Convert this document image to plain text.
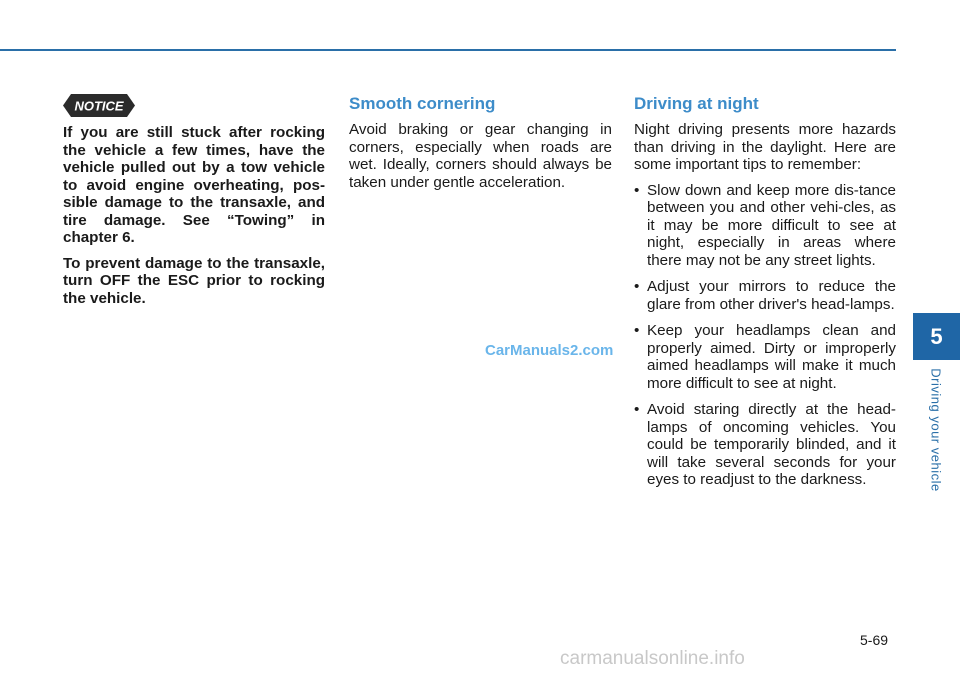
NOTICE

If you are still stuck after rocking the vehicle a few times, have the vehicle pulled out by a tow vehicle to avoid engine overheating, pos-sible damage to the transaxle, and tire damage. See “Towing” in chapter 6.

To prevent damage to the transaxle, turn OFF the ESC prior to rocking the vehicle.

Smooth cornering

Avoid braking or gear changing in corners, especially when roads are wet. Ideally, corners should always be taken under gentle acceleration.

Driving at night

Night driving presents more hazards than driving in the daylight. Here are some important tips to remember:

• Slow down and keep more dis-tance between you and other vehi-cles, as it may be more difficult to see at night, especially in areas where there may not be any street lights.
• Adjust your mirrors to reduce the glare from other driver's head-lamps.
• Keep your headlamps clean and properly aimed. Dirty or improperly aimed headlamps will make it much more difficult to see at night.
• Avoid staring directly at the head-lamps of oncoming vehicles. You could be temporarily blinded, and it will take several seconds for your eyes to readjust to the darkness.
CarManuals2.com
5
Driving your vehicle
5-69
carmanualsonline.info
